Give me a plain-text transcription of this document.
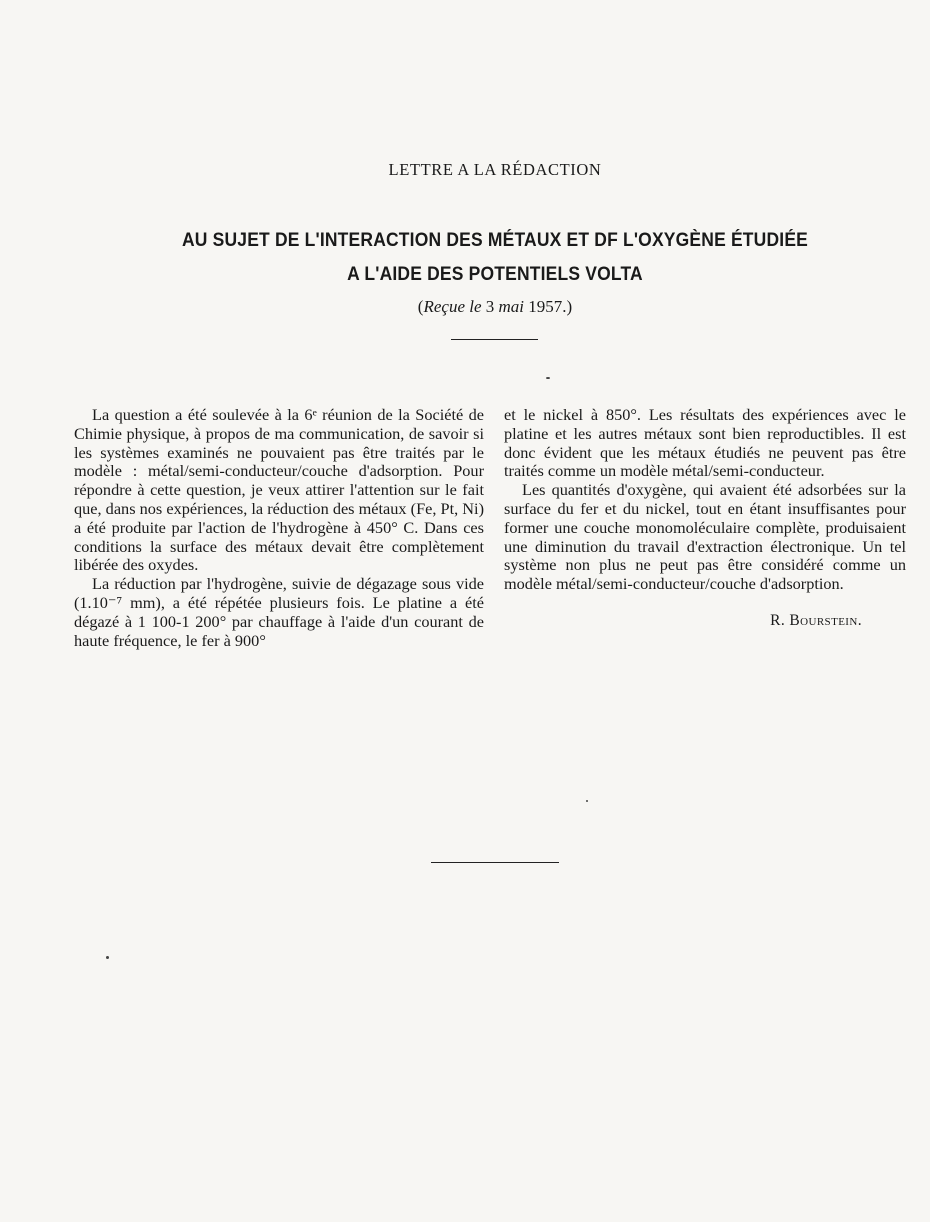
LETTRE A LA RÉDACTION
AU SUJET DE L'INTERACTION DES MÉTAUX ET DF L'OXYGÈNE ÉTUDIÉE
A L'AIDE DES POTENTIELS VOLTA
(Reçue le 3 mai 1957.)

La question a été soulevée à la 6ᵉ réunion de la Société de Chimie physique, à propos de ma communication, de savoir si les systèmes examinés ne pouvaient pas être traités par le modèle : métal/semi-conducteur/couche d'adsorption. Pour répondre à cette question, je veux attirer l'attention sur le fait que, dans nos expériences, la réduction des métaux (Fe, Pt, Ni) a été produite par l'action de l'hydrogène à 450° C. Dans ces conditions la surface des métaux devait être complètement libérée des oxydes.

La réduction par l'hydrogène, suivie de dégazage sous vide (1.10⁻⁷ mm), a été répétée plusieurs fois. Le platine a été dégazé à 1 100-1 200° par chauffage à l'aide d'un courant de haute fréquence, le fer à 900°

et le nickel à 850°. Les résultats des expériences avec le platine et les autres métaux sont bien reproductibles. Il est donc évident que les métaux étudiés ne peuvent pas être traités comme un modèle métal/semi-conducteur.

Les quantités d'oxygène, qui avaient été adsorbées sur la surface du fer et du nickel, tout en étant insuffisantes pour former une couche monomoléculaire complète, produisaient une diminution du travail d'extraction électronique. Un tel système non plus ne peut pas être considéré comme un modèle métal/semi-conducteur/couche d'adsorption.

R. Bourstein.
